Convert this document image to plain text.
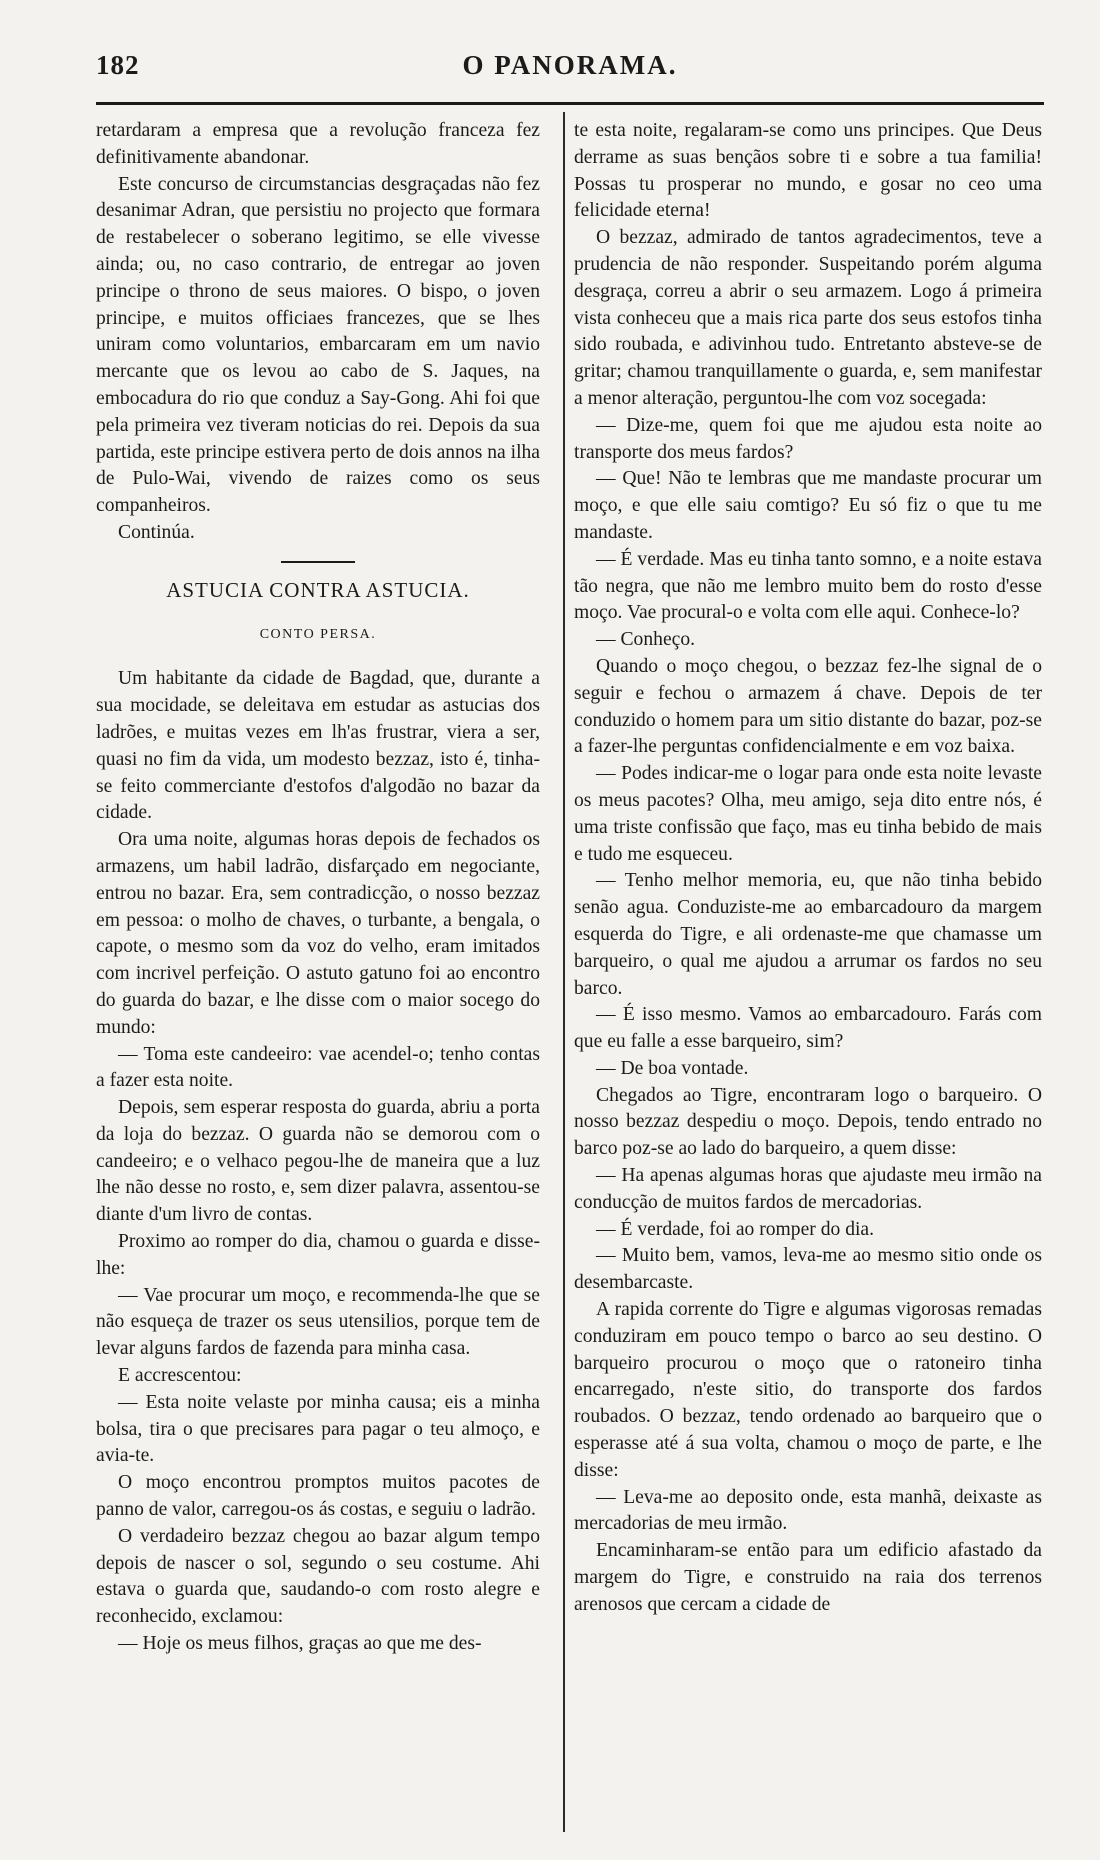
182	O PANORAMA.

retardaram a empresa que a revolução franceza fez definitivamente abandonar.

Este concurso de circumstancias desgraçadas não fez desanimar Adran, que persistiu no projecto que formara de restabelecer o soberano legitimo, se elle vivesse ainda; ou, no caso contrario, de entregar ao joven principe o throno de seus maiores. O bispo, o joven principe, e muitos officiaes francezes, que se lhes uniram como voluntarios, embarcaram em um navio mercante que os levou ao cabo de S. Jaques, na embocadura do rio que conduz a Say-Gong. Ahi foi que pela primeira vez tiveram noticias do rei. Depois da sua partida, este principe estivera perto de dois annos na ilha de Pulo-Wai, vivendo de raizes como os seus companheiros.

Continúa.

ASTUCIA CONTRA ASTUCIA.
CONTO PERSA.

Um habitante da cidade de Bagdad, que, durante a sua mocidade, se deleitava em estudar as astucias dos ladrões, e muitas vezes em lh'as frustrar, viera a ser, quasi no fim da vida, um modesto bezzaz, isto é, tinha-se feito commerciante d'estofos d'algodão no bazar da cidade.

Ora uma noite, algumas horas depois de fechados os armazens, um habil ladrão, disfarçado em negociante, entrou no bazar. Era, sem contradicção, o nosso bezzaz em pessoa: o molho de chaves, o turbante, a bengala, o capote, o mesmo som da voz do velho, eram imitados com incrivel perfeição. O astuto gatuno foi ao encontro do guarda do bazar, e lhe disse com o maior socego do mundo:

— Toma este candeeiro: vae acendel-o; tenho contas a fazer esta noite.

Depois, sem esperar resposta do guarda, abriu a porta da loja do bezzaz. O guarda não se demorou com o candeeiro; e o velhaco pegou-lhe de maneira que a luz lhe não desse no rosto, e, sem dizer palavra, assentou-se diante d'um livro de contas.

Proximo ao romper do dia, chamou o guarda e disse-lhe:

— Vae procurar um moço, e recommenda-lhe que se não esqueça de trazer os seus utensilios, porque tem de levar alguns fardos de fazenda para minha casa.

E accrescentou:

— Esta noite velaste por minha causa; eis a minha bolsa, tira o que precisares para pagar o teu almoço, e avia-te.

O moço encontrou promptos muitos pacotes de panno de valor, carregou-os ás costas, e seguiu o ladrão.

O verdadeiro bezzaz chegou ao bazar algum tempo depois de nascer o sol, segundo o seu costume. Ahi estava o guarda que, saudando-o com rosto alegre e reconhecido, exclamou:

— Hoje os meus filhos, graças ao que me des-

te esta noite, regalaram-se como uns principes. Que Deus derrame as suas bençãos sobre ti e sobre a tua familia! Possas tu prosperar no mundo, e gosar no ceo uma felicidade eterna!

O bezzaz, admirado de tantos agradecimentos, teve a prudencia de não responder. Suspeitando porém alguma desgraça, correu a abrir o seu armazem. Logo á primeira vista conheceu que a mais rica parte dos seus estofos tinha sido roubada, e adivinhou tudo. Entretanto absteve-se de gritar; chamou tranquillamente o guarda, e, sem manifestar a menor alteração, perguntou-lhe com voz socegada:

— Dize-me, quem foi que me ajudou esta noite ao transporte dos meus fardos?

— Que! Não te lembras que me mandaste procurar um moço, e que elle saiu comtigo? Eu só fiz o que tu me mandaste.

— É verdade. Mas eu tinha tanto somno, e a noite estava tão negra, que não me lembro muito bem do rosto d'esse moço. Vae procural-o e volta com elle aqui. Conhece-lo?

— Conheço.

Quando o moço chegou, o bezzaz fez-lhe signal de o seguir e fechou o armazem á chave. Depois de ter conduzido o homem para um sitio distante do bazar, poz-se a fazer-lhe perguntas confidencialmente e em voz baixa.

— Podes indicar-me o logar para onde esta noite levaste os meus pacotes? Olha, meu amigo, seja dito entre nós, é uma triste confissão que faço, mas eu tinha bebido de mais e tudo me esqueceu.

— Tenho melhor memoria, eu, que não tinha bebido senão agua. Conduziste-me ao embarcadouro da margem esquerda do Tigre, e ali ordenaste-me que chamasse um barqueiro, o qual me ajudou a arrumar os fardos no seu barco.

— É isso mesmo. Vamos ao embarcadouro. Farás com que eu falle a esse barqueiro, sim?

— De boa vontade.

Chegados ao Tigre, encontraram logo o barqueiro. O nosso bezzaz despediu o moço. Depois, tendo entrado no barco poz-se ao lado do barqueiro, a quem disse:

— Ha apenas algumas horas que ajudaste meu irmão na conducção de muitos fardos de mercadorias.

— É verdade, foi ao romper do dia.

— Muito bem, vamos, leva-me ao mesmo sitio onde os desembarcaste.

A rapida corrente do Tigre e algumas vigorosas remadas conduziram em pouco tempo o barco ao seu destino. O barqueiro procurou o moço que o ratoneiro tinha encarregado, n'este sitio, do transporte dos fardos roubados. O bezzaz, tendo ordenado ao barqueiro que o esperasse até á sua volta, chamou o moço de parte, e lhe disse:

— Leva-me ao deposito onde, esta manhã, deixaste as mercadorias de meu irmão.

Encaminharam-se então para um edificio afastado da margem do Tigre, e construido na raia dos terrenos arenosos que cercam a cidade de
